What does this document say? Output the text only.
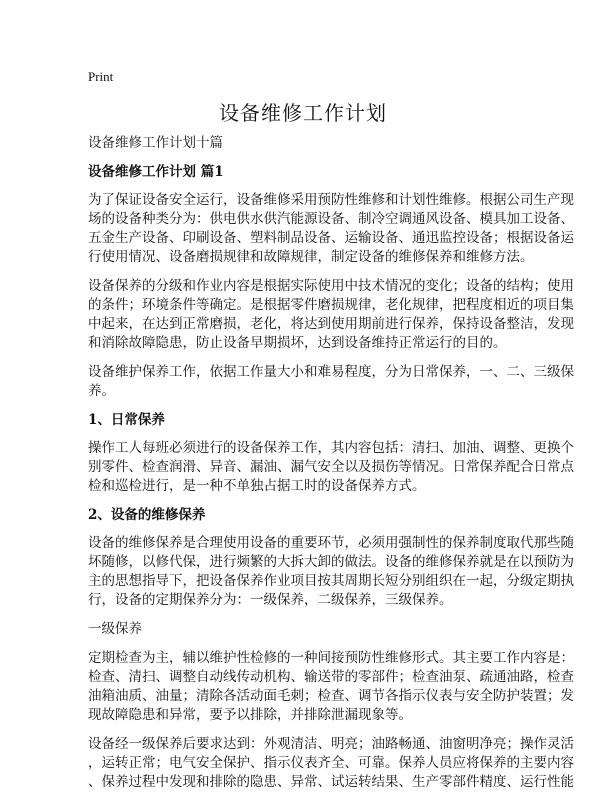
Print
设备维修工作计划
设备维修工作计划十篇
设备维修工作计划 篇1
为了保证设备安全运行，设备维修采用预防性维修和计划性维修。根据公司生产现
场的设备种类分为：供电供水供汽能源设备、制冷空调通风设备、模具加工设备、
五金生产设备、印刷设备、塑料制品设备、运输设备、通迅监控设备；根据设备运
行使用情况、设备磨损规律和故障规律，制定设备的维修保养和维修方法。
设备保养的分级和作业内容是根据实际使用中技术情况的变化；设备的结构；使用
的条件；环境条件等确定。是根据零件磨损规律，老化规律，把程度相近的项目集
中起来，在达到正常磨损，老化，将达到使用期前进行保养，保持设备整洁，发现
和消除故障隐患，防止设备早期损坏，达到设备维持正常运行的目的。
设备维护保养工作，依据工作量大小和难易程度，分为日常保养，一、二、三级保
养。
1、日常保养
操作工人每班必须进行的设备保养工作，其内容包括：清扫、加油、调整、更换个
别零件、检查润滑、异音、漏油、漏气安全以及损伤等情况。日常保养配合日常点
检和巡检进行，是一种不单独占据工时的设备保养方式。
2、设备的维修保养
设备的维修保养是合理使用设备的重要环节，必须用强制性的保养制度取代那些随
坏随修，以修代保，进行频繁的大拆大卸的做法。设备的维修保养就是在以预防为
主的思想指导下，把设备保养作业项目按其周期长短分别组织在一起，分级定期执
行，设备的定期保养分为：一级保养，二级保养，三级保养。
一级保养
定期检查为主，辅以维护性检修的一种间接预防性维修形式。其主要工作内容是：
检查、清扫、调整自动线传动机构、输送带的零部件；检查油泵、疏通油路，检查
油箱油质、油量；清除各活动面毛刺；检查、调节各指示仪表与安全防护装置；发
现故障隐患和异常，要予以排除，并排除泄漏现象等。
设备经一级保养后要求达到：外观清洁、明亮；油路畅通、油窗明净亮；操作灵活
，运转正常；电气安全保护、指示仪表齐全、可靠。保养人员应将保养的主要内容
、保养过程中发现和排除的隐患、异常、试运转结果、生产零部件精度、运行性能
